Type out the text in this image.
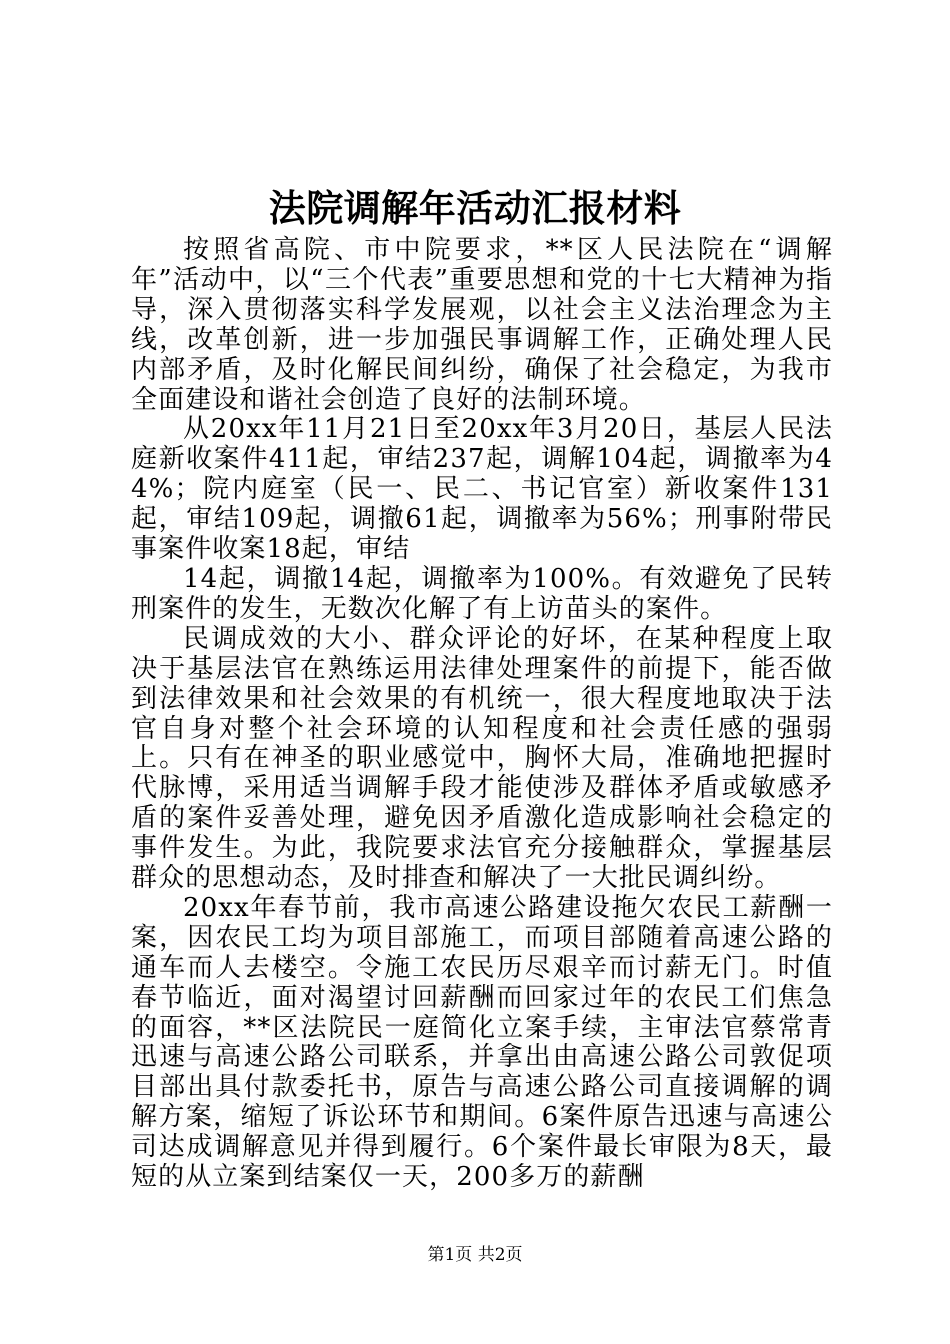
法院调解年活动汇报材料

按照省高院、市中院要求，**区人民法院在“调解年”活动中，以“三个代表”重要思想和党的十七大精神为指导，深入贯彻落实科学发展观，以社会主义法治理念为主线，改革创新，进一步加强民事调解工作，正确处理人民内部矛盾，及时化解民间纠纷，确保了社会稳定，为我市全面建设和谐社会创造了良好的法制环境。

从20xx年11月21日至20xx年3月20日，基层人民法庭新收案件411起，审结237起，调解104起，调撤率为44%；院内庭室（民一、民二、书记官室）新收案件131起，审结109起，调撤61起，调撤率为56%；刑事附带民事案件收案18起，审结

14起，调撤14起，调撤率为100%。有效避免了民转刑案件的发生，无数次化解了有上访苗头的案件。

民调成效的大小、群众评论的好坏，在某种程度上取决于基层法官在熟练运用法律处理案件的前提下，能否做到法律效果和社会效果的有机统一，很大程度地取决于法官自身对整个社会环境的认知程度和社会责任感的强弱上。只有在神圣的职业感觉中，胸怀大局，准确地把握时代脉博，采用适当调解手段才能使涉及群体矛盾或敏感矛盾的案件妥善处理，避免因矛盾激化造成影响社会稳定的事件发生。为此，我院要求法官充分接触群众，掌握基层群众的思想动态，及时排查和解决了一大批民调纠纷。

20xx年春节前，我市高速公路建设拖欠农民工薪酬一案，因农民工均为项目部施工，而项目部随着高速公路的通车而人去楼空。令施工农民历尽艰辛而讨薪无门。时值春节临近，面对渴望讨回薪酬而回家过年的农民工们焦急的面容，**区法院民一庭简化立案手续，主审法官蔡常青迅速与高速公路公司联系，并拿出由高速公路公司敦促项目部出具付款委托书，原告与高速公路公司直接调解的调解方案，缩短了诉讼环节和期间。6案件原告迅速与高速公司达成调解意见并得到履行。6个案件最长审限为8天，最短的从立案到结案仅一天，200多万的薪酬

第1页 共2页
